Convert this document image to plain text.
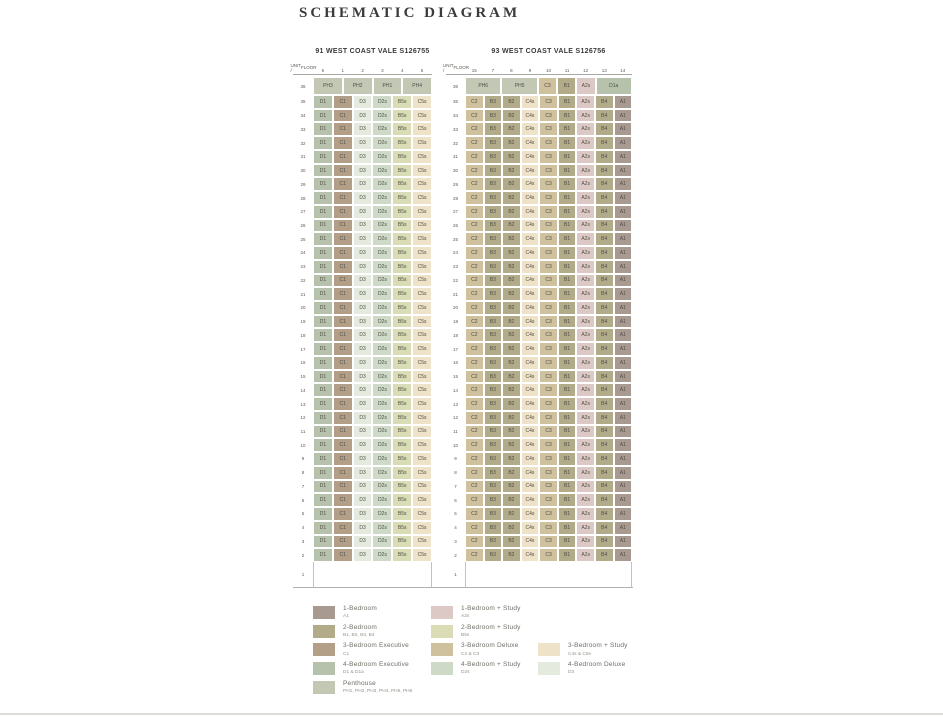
SCHEMATIC DIAGRAM
91 WEST COAST VALE S126755
UNIT /
FLOOR
6	1	2	3	4	5
36	PH3	PH2	PH1	PH4
35	D1	C1	D3	D2s	B5s	C5s
34	D1	C1	D3	D2s	B5s	C5s
33	D1	C1	D3	D2s	B5s	C5s
32	D1	C1	D3	D2s	B5s	C5s
31	D1	C1	D3	D2s	B5s	C5s
30	D1	C1	D3	D2s	B5s	C5s
29	D1	C1	D3	D2s	B5s	C5s
28	D1	C1	D3	D2s	B5s	C5s
27	D1	C1	D3	D2s	B5s	C5s
26	D1	C1	D3	D2s	B5s	C5s
25	D1	C1	D3	D2s	B5s	C5s
24	D1	C1	D3	D2s	B5s	C5s
23	D1	C1	D3	D2s	B5s	C5s
22	D1	C1	D3	D2s	B5s	C5s
21	D1	C1	D3	D2s	B5s	C5s
20	D1	C1	D3	D2s	B5s	C5s
19	D1	C1	D3	D2s	B5s	C5s
18	D1	C1	D3	D2s	B5s	C5s
17	D1	C1	D3	D2s	B5s	C5s
16	D1	C1	D3	D2s	B5s	C5s
15	D1	C1	D3	D2s	B5s	C5s
14	D1	C1	D3	D2s	B5s	C5s
13	D1	C1	D3	D2s	B5s	C5s
12	D1	C1	D3	D2s	B5s	C5s
11	D1	C1	D3	D2s	B5s	C5s
10	D1	C1	D3	D2s	B5s	C5s
9	D1	C1	D3	D2s	B5s	C5s
8	D1	C1	D3	D2s	B5s	C5s
7	D1	C1	D3	D2s	B5s	C5s
6	D1	C1	D3	D2s	B5s	C5s
5	D1	C1	D3	D2s	B5s	C5s
4	D1	C1	D3	D2s	B5s	C5s
3	D1	C1	D3	D2s	B5s	C5s
2	D1	C1	D3	D2s	B5s	C5s
1
93 WEST COAST VALE S126756
UNIT /
FLOOR
15	7	8	9	10	11	12	13	14
36	PH6	PH5	C3	B1	A2s	D1a
35	C2	B3	B2	C4s	C3	B1	A2s	B4	A1
34	C2	B3	B2	C4s	C3	B1	A2s	B4	A1
33	C2	B3	B2	C4s	C3	B1	A2s	B4	A1
32	C2	B3	B2	C4s	C3	B1	A2s	B4	A1
31	C2	B3	B2	C4s	C3	B1	A2s	B4	A1
30	C2	B3	B2	C4s	C3	B1	A2s	B4	A1
29	C2	B3	B2	C4s	C3	B1	A2s	B4	A1
28	C2	B3	B2	C4s	C3	B1	A2s	B4	A1
27	C2	B3	B2	C4s	C3	B1	A2s	B4	A1
26	C2	B3	B2	C4s	C3	B1	A2s	B4	A1
25	C2	B3	B2	C4s	C3	B1	A2s	B4	A1
24	C2	B3	B2	C4s	C3	B1	A2s	B4	A1
23	C2	B3	B2	C4s	C3	B1	A2s	B4	A1
22	C2	B3	B2	C4s	C3	B1	A2s	B4	A1
21	C2	B3	B2	C4s	C3	B1	A2s	B4	A1
20	C2	B3	B2	C4s	C3	B1	A2s	B4	A1
19	C2	B3	B2	C4s	C3	B1	A2s	B4	A1
18	C2	B3	B2	C4s	C3	B1	A2s	B4	A1
17	C2	B3	B2	C4s	C3	B1	A2s	B4	A1
16	C2	B3	B2	C4s	C3	B1	A2s	B4	A1
15	C2	B3	B2	C4s	C3	B1	A2s	B4	A1
14	C2	B3	B2	C4s	C3	B1	A2s	B4	A1
13	C2	B3	B2	C4s	C3	B1	A2s	B4	A1
12	C2	B3	B2	C4s	C3	B1	A2s	B4	A1
11	C2	B3	B2	C4s	C3	B1	A2s	B4	A1
10	C2	B3	B2	C4s	C3	B1	A2s	B4	A1
9	C2	B3	B2	C4s	C3	B1	A2s	B4	A1
8	C2	B3	B2	C4s	C3	B1	A2s	B4	A1
7	C2	B3	B2	C4s	C3	B1	A2s	B4	A1
6	C2	B3	B2	C4s	C3	B1	A2s	B4	A1
5	C2	B3	B2	C4s	C3	B1	A2s	B4	A1
4	C2	B3	B2	C4s	C3	B1	A2s	B4	A1
3	C2	B3	B2	C4s	C3	B1	A2s	B4	A1
2	C2	B3	B2	C4s	C3	B1	A2s	B4	A1
1
1-Bedroom
A1
2-Bedroom
B1, B2, B3, B4
3-Bedroom Executive
C1
4-Bedroom Executive
D1 & D1a
Penthouse
PH1, PH2, PH3, PH4, PH5, PH6
1-Bedroom + Study
A2s
2-Bedroom + Study
B5s
3-Bedroom Deluxe
C2 & C3
4-Bedroom + Study
D2s
3-Bedroom + Study
C4s & C5s
4-Bedroom Deluxe
D3
